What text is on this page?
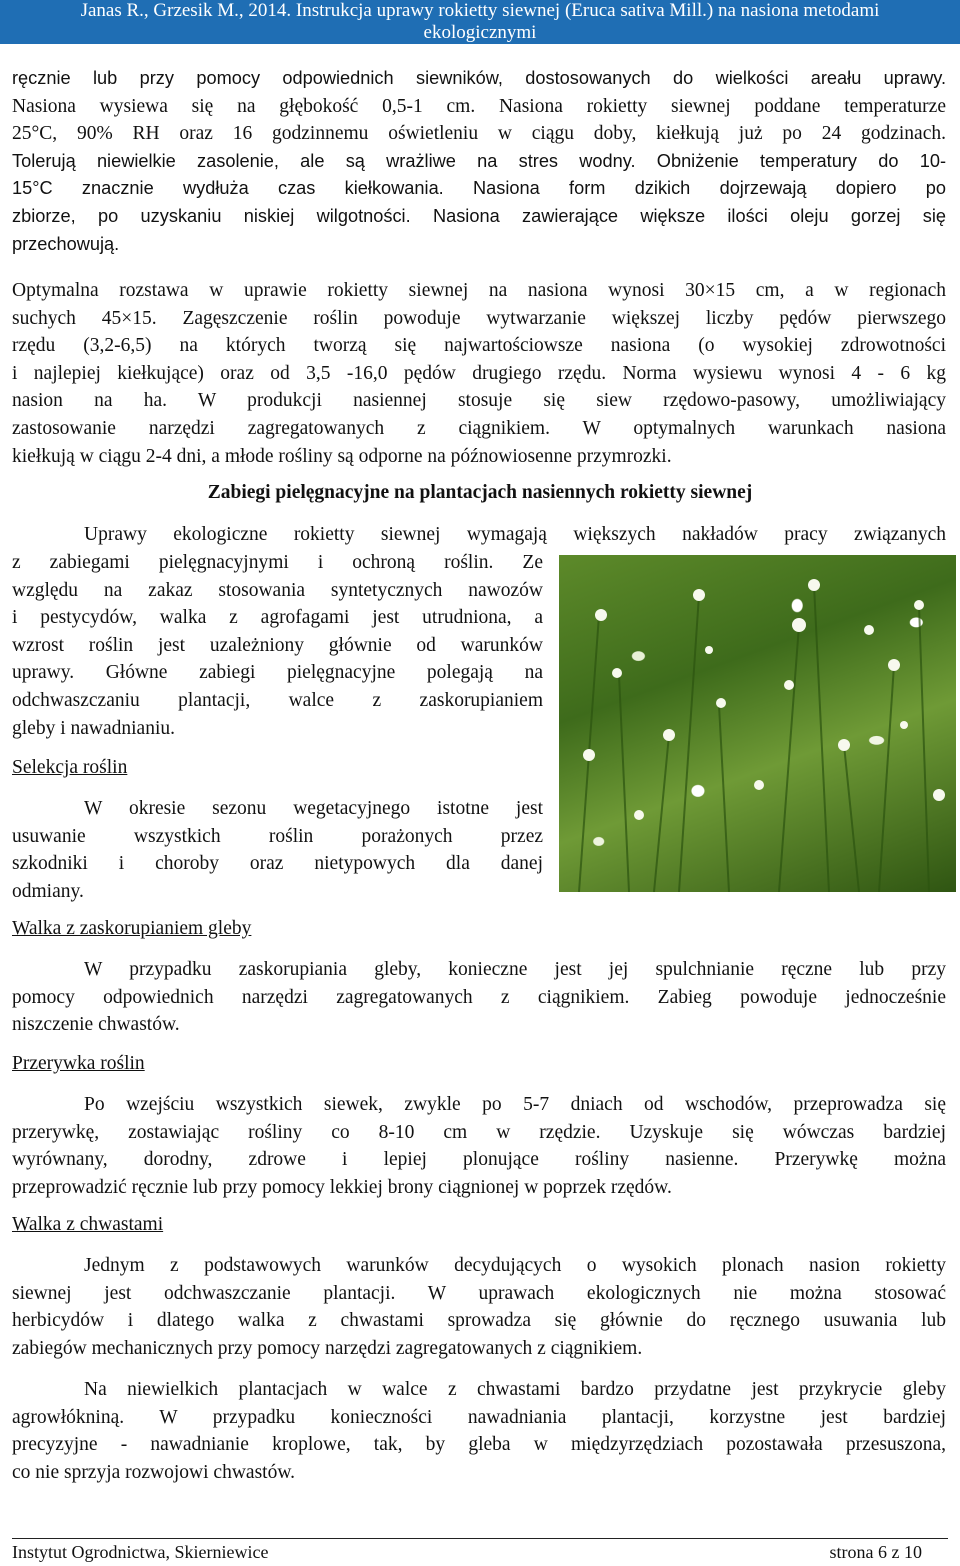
Janas R., Grzesik M., 2014. Instrukcja uprawy rokietty siewnej (Eruca sativa Mill.) na nasiona metodami
ekologicznymi
ręcznie lub przy pomocy odpowiednich siewników, dostosowanych do wielkości areału uprawy.
Nasiona wysiewa się na głębokość 0,5-1 cm. Nasiona rokietty siewnej poddane temperaturze
25°C, 90% RH oraz 16 godzinnemu oświetleniu w ciągu doby, kiełkują już po 24 godzinach.
Tolerują niewielkie zasolenie, ale są wrażliwe na stres wodny. Obniżenie temperatury do 10-
15°C znacznie wydłuża czas kiełkowania. Nasiona form dzikich dojrzewają dopiero po
zbiorze, po uzyskaniu niskiej wilgotności. Nasiona zawierające większe ilości oleju gorzej się
przechowują.
Optymalna rozstawa w uprawie rokietty siewnej na nasiona wynosi 30×15 cm, a w regionach
suchych 45×15. Zagęszczenie roślin powoduje wytwarzanie większej liczby pędów pierwszego
rzędu (3,2-6,5) na których tworzą się najwartościowsze nasiona (o wysokiej zdrowotności
i najlepiej kiełkujące) oraz od 3,5 -16,0 pędów drugiego rzędu. Norma wysiewu wynosi 4 - 6 kg
nasion na ha. W produkcji nasiennej stosuje się siew rzędowo-pasowy, umożliwiający
zastosowanie narzędzi zagregatowanych z ciągnikiem. W optymalnych warunkach nasiona
kiełkują w ciągu 2-4 dni, a młode rośliny są odporne na późnowiosenne przymrozki.
Zabiegi pielęgnacyjne na plantacjach nasiennych rokietty siewnej
Uprawy ekologiczne rokietty siewnej wymagają większych nakładów pracy związanych
z zabiegami pielęgnacyjnymi i ochroną roślin. Ze
względu na zakaz stosowania syntetycznych nawozów
i pestycydów, walka z agrofagami jest utrudniona, a
wzrost roślin jest uzależniony głównie od warunków
uprawy. Główne zabiegi pielęgnacyjne polegają na
odchwaszczaniu plantacji, walce z zaskorupianiem
gleby i nawadnianiu.
Selekcja roślin
W okresie sezonu wegetacyjnego istotne jest
usuwanie wszystkich roślin porażonych przez
szkodniki i choroby oraz nietypowych dla danej
odmiany.
Walka z zaskorupianiem gleby
W przypadku zaskorupiania gleby, konieczne jest jej spulchnianie ręczne lub przy
pomocy odpowiednich narzędzi zagregatowanych z ciągnikiem. Zabieg powoduje jednocześnie
niszczenie chwastów.
Przerywka roślin
Po wzejściu wszystkich siewek, zwykle po 5-7 dniach od wschodów, przeprowadza się
przerywkę, zostawiając rośliny co 8-10 cm w rzędzie. Uzyskuje się wówczas bardziej
wyrównany, dorodny, zdrowe i lepiej plonujące rośliny nasienne. Przerywkę można
przeprowadzić ręcznie lub przy pomocy lekkiej brony ciągnionej w poprzek rzędów.
Walka z chwastami
Jednym z podstawowych warunków decydujących o wysokich plonach nasion rokietty
siewnej jest odchwaszczanie plantacji. W uprawach ekologicznych nie można stosować
herbicydów i dlatego walka z chwastami sprowadza się głównie do ręcznego usuwania lub
zabiegów mechanicznych przy pomocy narzędzi zagregatowanych z ciągnikiem.
Na niewielkich plantacjach w walce z chwastami bardzo przydatne jest przykrycie gleby
agrowłókniną. W przypadku konieczności nawadniania plantacji, korzystne jest bardziej
precyzyjne - nawadnianie kroplowe, tak, by gleba w międzyrzędziach pozostawała przesuszona,
co nie sprzyja rozwojowi chwastów.
Instytut Ogrodnictwa, Skierniewice	strona 6 z 10
